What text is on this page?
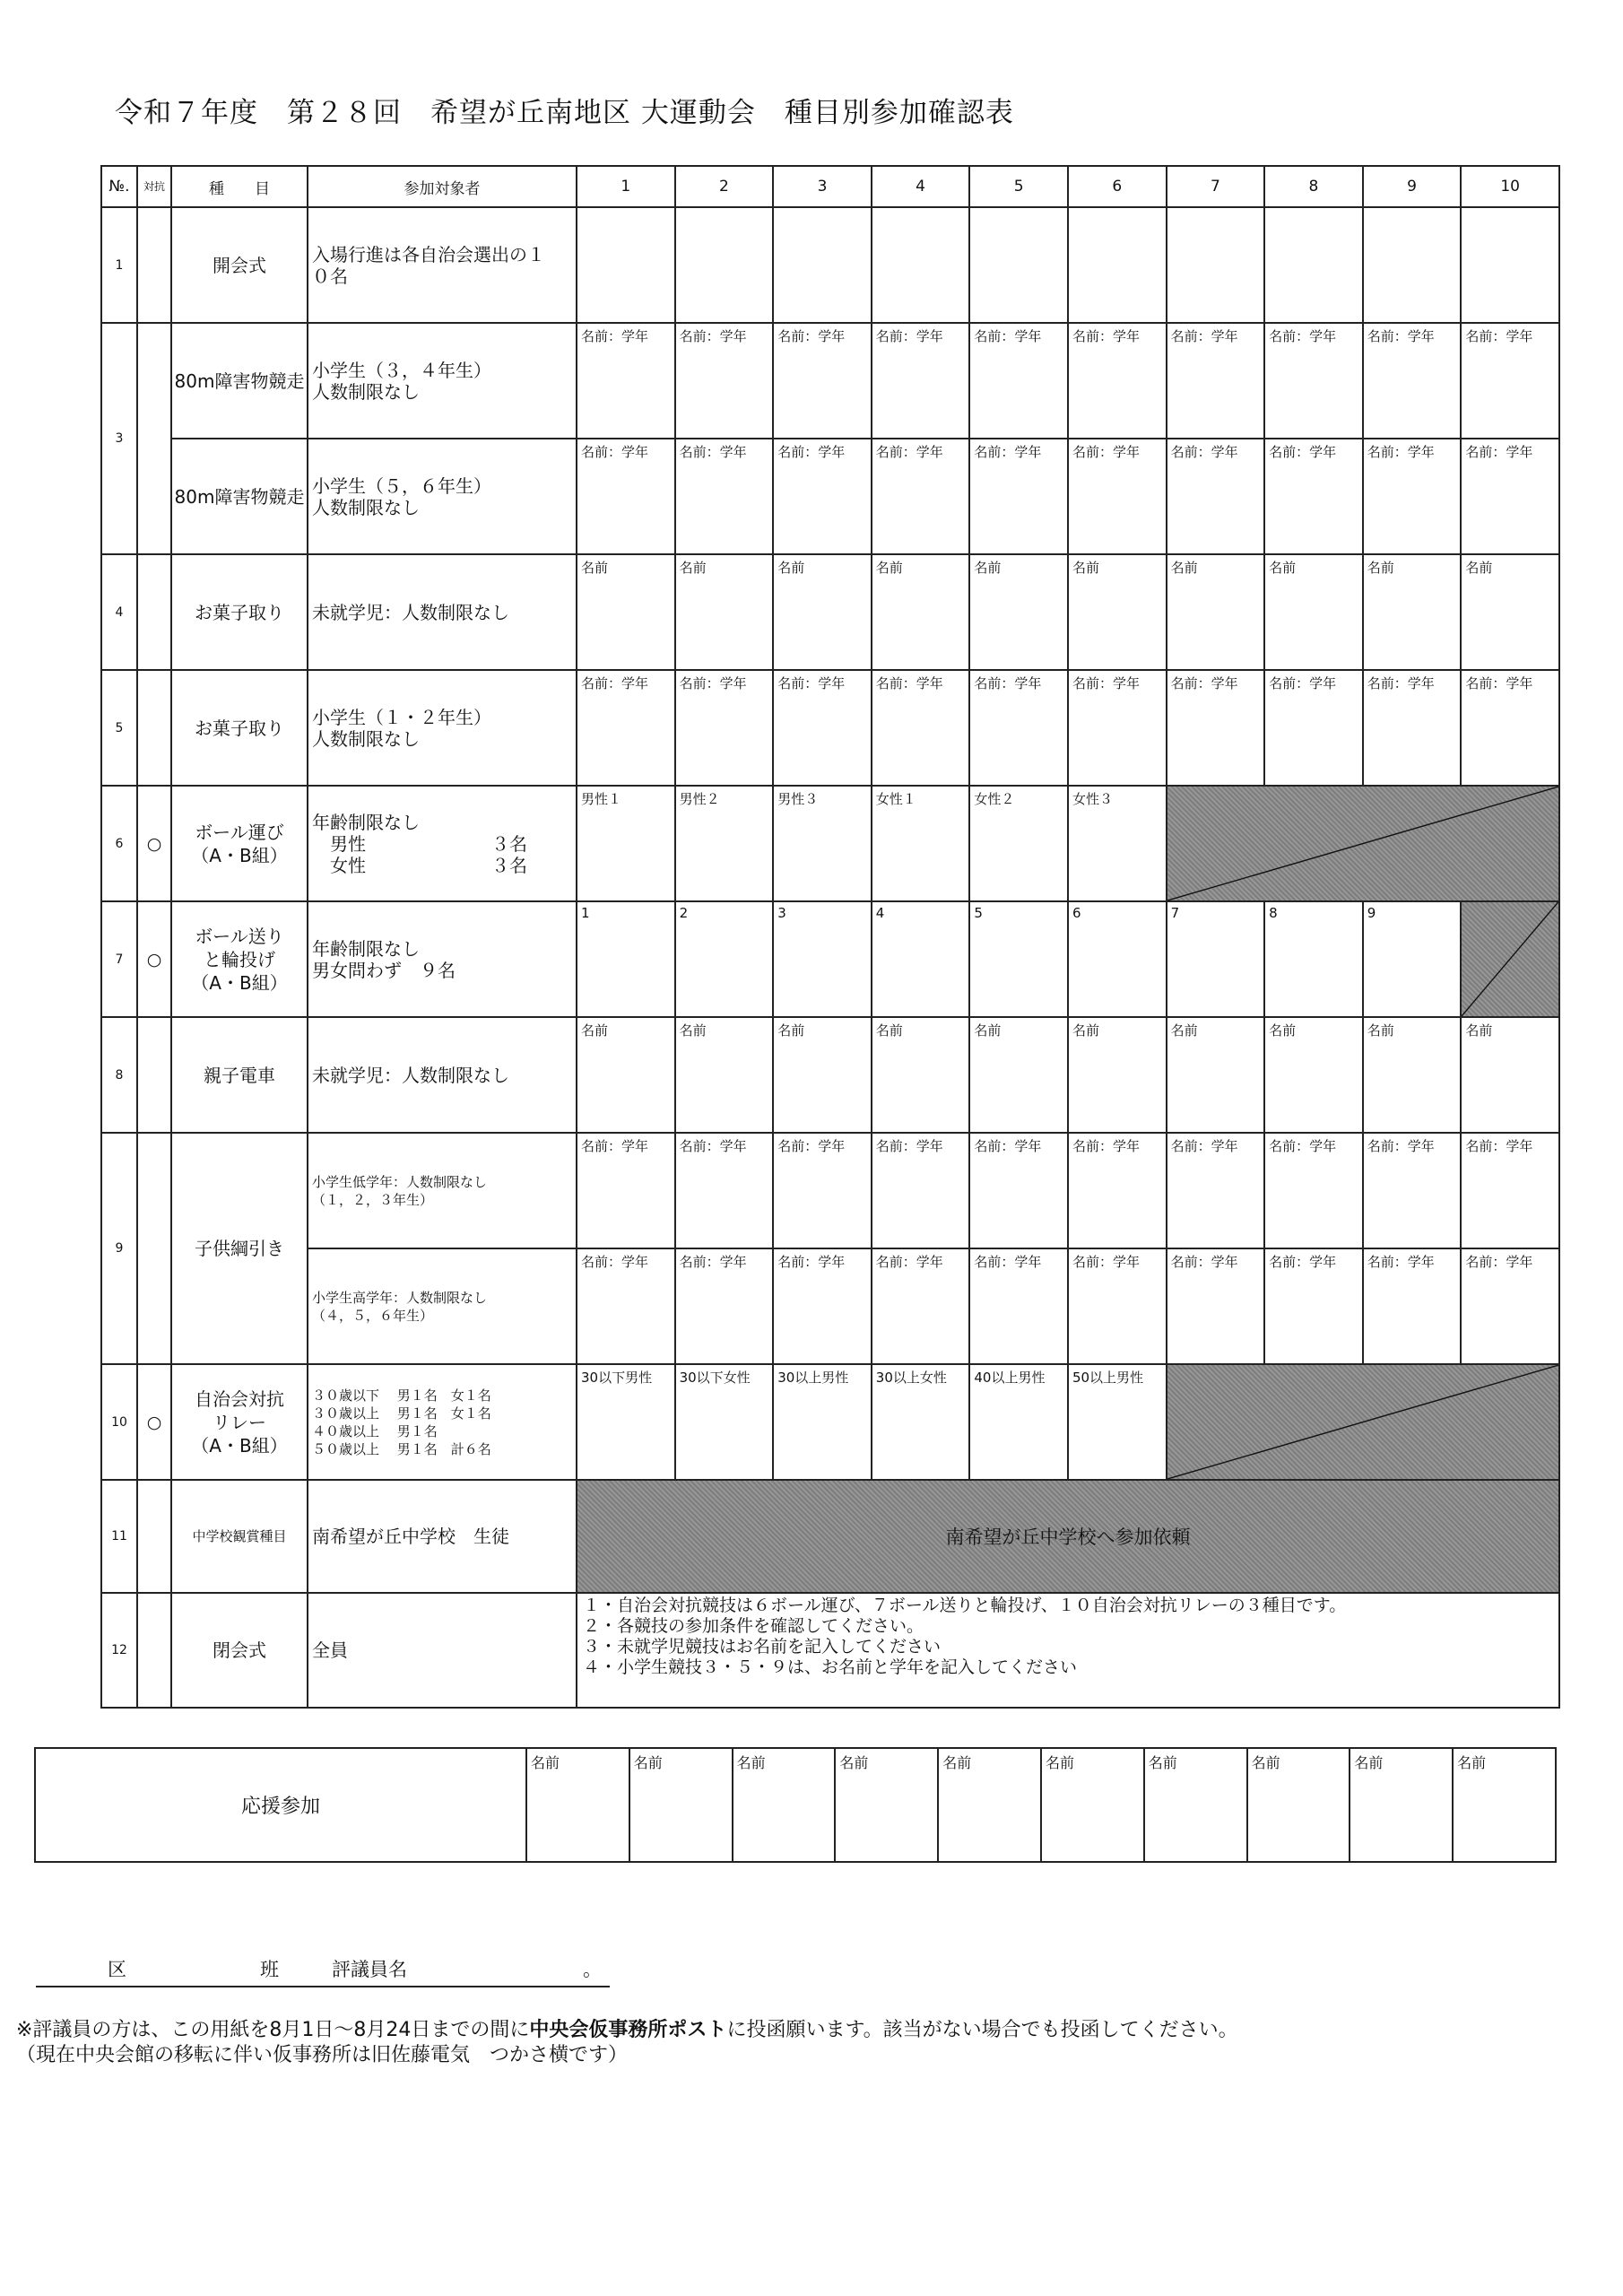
令和７年度　第２８回　希望が丘南地区 大運動会　種目別参加確認表
№.	対抗	種　　目	参加対象者	1	2	3	4	5	6	7	8	9	10
1		開会式	入場行進は各自治会選出の１
０名										
3		80m障害物競走	小学生（３，４年生）
人数制限なし	名前：学年	名前：学年	名前：学年	名前：学年	名前：学年	名前：学年	名前：学年	名前：学年	名前：学年	名前：学年
		80m障害物競走	小学生（５，６年生）
人数制限なし	名前：学年	名前：学年	名前：学年	名前：学年	名前：学年	名前：学年	名前：学年	名前：学年	名前：学年	名前：学年
4		お菓子取り	未就学児：人数制限なし	名前	名前	名前	名前	名前	名前	名前	名前	名前	名前
5		お菓子取り	小学生（１・２年生）
人数制限なし	名前：学年	名前：学年	名前：学年	名前：学年	名前：学年	名前：学年	名前：学年	名前：学年	名前：学年	名前：学年
6	○	ボール運び
（A・B組）	年齢制限なし
　男性　　　　　　　３名
　女性　　　　　　　３名	男性１	男性２	男性３	女性１	女性２	女性３	

7	○	ボール送り
と輪投げ
（A・B組）	年齢制限なし
男女問わず　９名	1	2	3	4	5	6	7	8	9	

8		親子電車	未就学児：人数制限なし	名前	名前	名前	名前	名前	名前	名前	名前	名前	名前
9		子供綱引き	小学生低学年：人数制限なし
（１，２，３年生）	名前：学年	名前：学年	名前：学年	名前：学年	名前：学年	名前：学年	名前：学年	名前：学年	名前：学年	名前：学年
			小学生高学年：人数制限なし
（４，５，６年生）	名前：学年	名前：学年	名前：学年	名前：学年	名前：学年	名前：学年	名前：学年	名前：学年	名前：学年	名前：学年
10	○	自治会対抗
リレー
（A・B組）	３０歳以下　 男１名　女１名
３０歳以上　 男１名　女１名
４０歳以上　 男１名
５０歳以上　 男１名　計６名	30以下男性	30以下女性	30以上男性	30以上女性	40以上男性	50以上男性	

11		中学校観賞種目	南希望が丘中学校　生徒	南希望が丘中学校へ参加依頼									

12		閉会式	全員	１・自治会対抗競技は６ボール運び、７ボール送りと輪投げ、１０自治会対抗リレーの３種目です。
２・各競技の参加条件を確認してください。
３・未就学児競技はお名前を記入してください
４・小学生競技３・５・９は、お名前と学年を記入してください									
応援参加	名前	名前	名前	名前	名前	名前	名前	名前	名前	名前
区	班	評議員名	。
※評議員の方は、この用紙を8月1日～8月24日までの間に中央会仮事務所ポストに投函願います。該当がない場合でも投函してください。
（現在中央会館の移転に伴い仮事務所は旧佐藤電気　つかさ横です）
